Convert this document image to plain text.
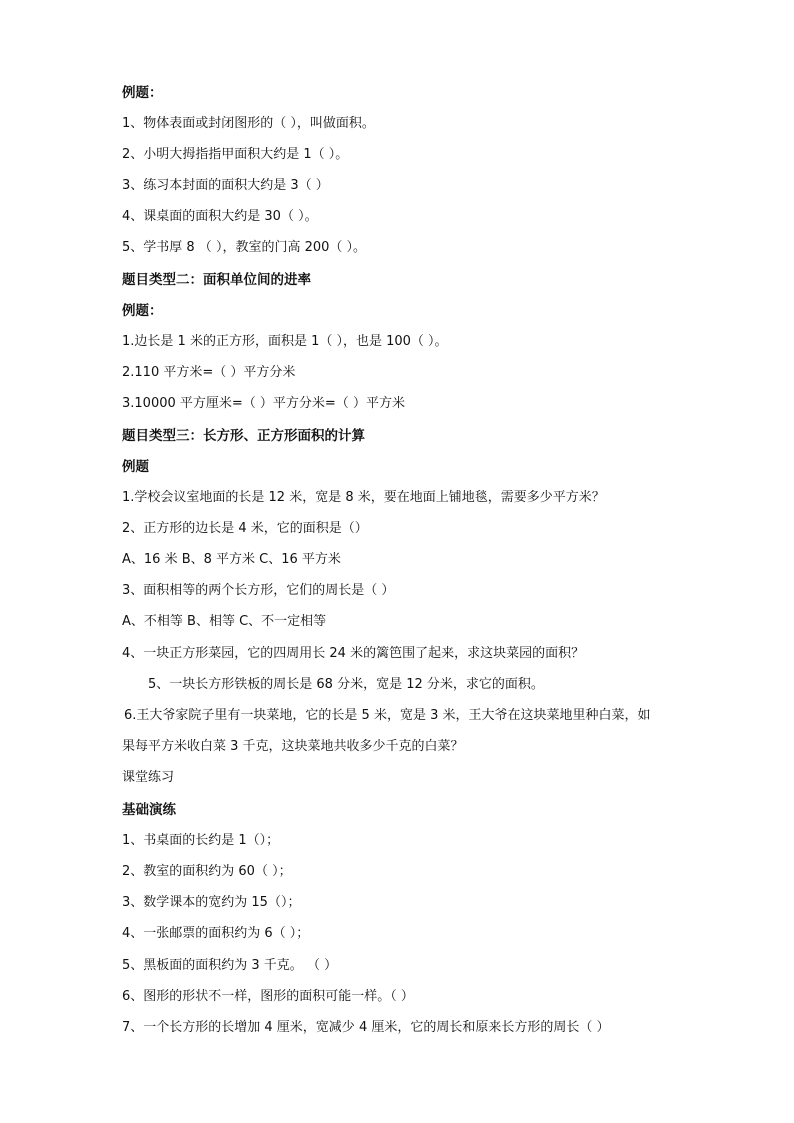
例题：
1、物体表面或封闭图形的（ ），叫做面积。
2、小明大拇指指甲面积大约是 1（ ）。
3、练习本封面的面积大约是 3（ ）
4、课桌面的面积大约是 30（ ）。
5、学书厚 8 （ ），教室的门高 200（ ）。
题目类型二：面积单位间的进率
例题：
1.边长是 1 米的正方形，面积是 1（ ），也是 100（ ）。
2.110 平方米=（ ）平方分米
3.10000 平方厘米=（ ）平方分米=（ ）平方米
题目类型三：长方形、正方形面积的计算
例题
1.学校会议室地面的长是 12 米，宽是 8 米，要在地面上铺地毯，需要多少平方米？
2、正方形的边长是 4 米，它的面积是（）
A、16 米 B、8 平方米 C、16 平方米
3、面积相等的两个长方形，它们的周长是（ ）
A、不相等 B、相等 C、不一定相等
4、一块正方形菜园，它的四周用长 24 米的篱笆围了起来，求这块菜园的面积？
5、一块长方形铁板的周长是 68 分米，宽是 12 分米，求它的面积。
6.王大爷家院子里有一块菜地，它的长是 5 米，宽是 3 米，王大爷在这块菜地里种白菜，如
果每平方米收白菜 3 千克，这块菜地共收多少千克的白菜？
课堂练习
基础演练
1、书桌面的长约是 1（）；
2、教室的面积约为 60（ ）；
3、数学课本的宽约为 15（）；
4、一张邮票的面积约为 6（ ）；
5、黑板面的面积约为 3 千克。 （ ）
6、图形的形状不一样，图形的面积可能一样。（ ）
7、一个长方形的长增加 4 厘米，宽减少 4 厘米，它的周长和原来长方形的周长（ ）
